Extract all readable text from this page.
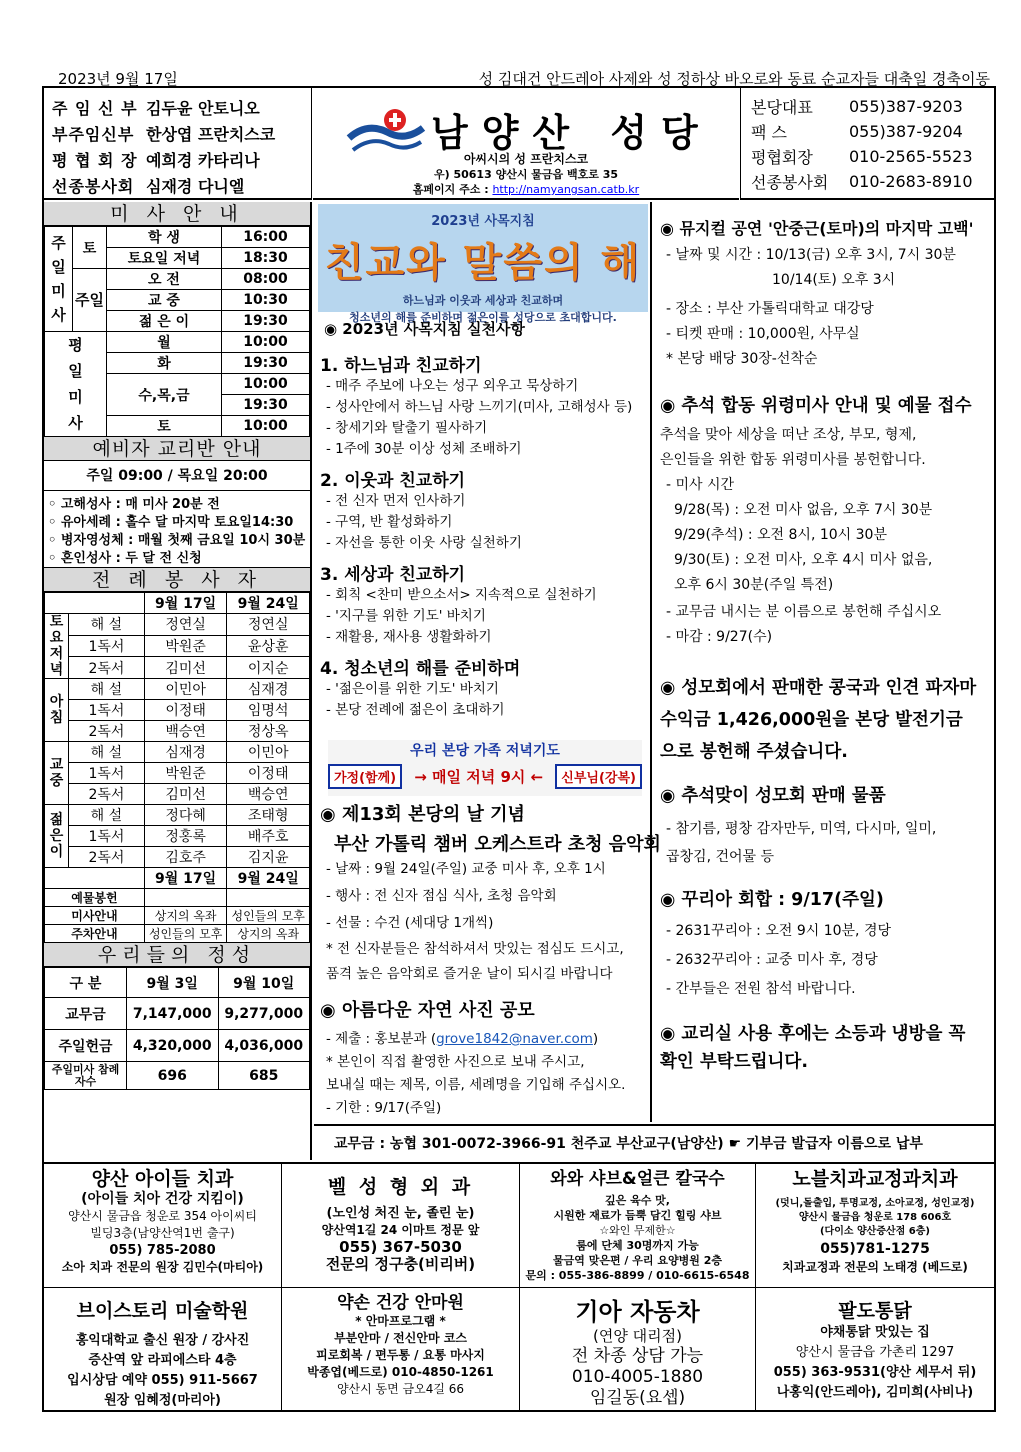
2023년 9월 17일	성 김대건 안드레아 사제와 성 정하상 바오로와 동료 순교자들 대축일 경축이동
주 임 신 부 김두윤 안토니오
부주임신부 한상엽 프란치스코
평 협 회 장 예희경 카타리나
선종봉사회 심재경 다니엘
남양산 성당
아씨시의 성 프란치스코
우) 50613 양산시 물금읍 백호로 35
홈페이지 주소 : http://namyangsan.catb.kr
본당대표	055)387-9203
팩 스	055)387-9204
평협회장	010-2565-5523
선종봉사회	010-2683-8910
미 사 안 내
주일미사	토	학 생	16:00
		토요일 저녁	18:30
	주일	오 전	08:00
		교 중	10:30
		젊 은 이	19:30
평일미사		월	10:00
		화	19:30
		수,목,금	10:00
			19:30
		토	10:00
예비자 교리반 안내
주일 09:00 / 목요일 20:00
◦ 고해성사 : 매 미사 20분 전
◦ 유아세례 : 홀수 달 마지막 토요일14:30
◦ 병자영성체 : 매월 첫째 금요일 10시 30분
◦ 혼인성사 : 두 달 전 신청
전 례 봉 사 자
		9월 17일	9월 24일
토요저녁	해 설	정연실	정연실
	1독서	박원준	윤상훈
	2독서	김미선	이지순
아침	해 설	이민아	심재경
	1독서	이정태	임명석
	2독서	백승연	정상옥
교중	해 설	심재경	이민아
	1독서	박원준	이정태
	2독서	김미선	백승연
젊은이	해 설	정다혜	조태형
	1독서	정홍록	배주호
	2독서	김호주	김지윤
		9월 17일	9월 24일
예물봉헌			
미사안내		상지의 옥좌	성인들의 모후
주차안내		성인들의 모후	상지의 옥좌
우리들의 정성
구 분	9월 3일	9월 10일
교무금	7,147,000	9,277,000
주일헌금	4,320,000	4,036,000
주일미사 참례자수	696	685
2023년 사목지침
친교와 말씀의 해
하느님과 이웃과 세상과 친교하며
청소년의 해를 준비하며 젊은이를 성당으로 초대합니다.
◉ 2023년 사목지침 실천사항
1. 하느님과 친교하기
- 매주 주보에 나오는 성구 외우고 묵상하기
- 성사안에서 하느님 사랑 느끼기(미사, 고해성사 등)
- 창세기와 탈출기 필사하기
- 1주에 30분 이상 성체 조배하기
2. 이웃과 친교하기
- 전 신자 먼저 인사하기
- 구역, 반 활성화하기
- 자선을 통한 이웃 사랑 실천하기
3. 세상과 친교하기
- 회칙 <찬미 받으소서> 지속적으로 실천하기
- '지구를 위한 기도' 바치기
- 재활용, 재사용 생활화하기
4. 청소년의 해를 준비하며
- '젊은이를 위한 기도' 바치기
- 본당 전례에 젊은이 초대하기
우리 본당 가족 저녁기도
가정(함께)	→ 매일 저녁 9시 ←	신부님(강복)
◉ 제13회 본당의 날 기념
부산 가톨릭 챔버 오케스트라 초청 음악회
- 날짜 : 9월 24일(주일) 교중 미사 후, 오후 1시
- 행사 : 전 신자 점심 식사, 초청 음악회
- 선물 : 수건 (세대당 1개씩)
* 전 신자분들은 참석하셔서 맛있는 점심도 드시고,
품격 높은 음악회로 즐거운 날이 되시길 바랍니다
◉ 아름다운 자연 사진 공모
- 제출 : 홍보분과 (grove1842@naver.com)
* 본인이 직접 촬영한 사진으로 보내 주시고,
보내실 때는 제목, 이름, 세례명을 기입해 주십시오.
- 기한 : 9/17(주일)
◉ 뮤지컬 공연 '안중근(토마)의 마지막 고백'
- 날짜 및 시간 : 10/13(금) 오후 3시, 7시 30분
10/14(토) 오후 3시
- 장소 : 부산 가톨릭대학교 대강당
- 티켓 판매 : 10,000원, 사무실
* 본당 배당 30장-선착순
◉ 추석 합동 위령미사 안내 및 예물 접수
추석을 맞아 세상을 떠난 조상, 부모, 형제,
은인들을 위한 합동 위령미사를 봉헌합니다.
- 미사 시간
9/28(목) : 오전 미사 없음, 오후 7시 30분
9/29(추석) : 오전 8시, 10시 30분
9/30(토) : 오전 미사, 오후 4시 미사 없음,
오후 6시 30분(주일 특전)
- 교무금 내시는 분 이름으로 봉헌해 주십시오
- 마감 : 9/27(수)
◉ 성모회에서 판매한 콩국과 인견 파자마
수익금 1,426,000원을 본당 발전기금
으로 봉헌해 주셨습니다.
◉ 추석맞이 성모회 판매 물품
- 참기름, 평창 감자만두, 미역, 다시마, 일미,
곱창김, 건어물 등
◉ 꾸리아 회합 : 9/17(주일)
- 2631꾸리아 : 오전 9시 10분, 경당
- 2632꾸리아 : 교중 미사 후, 경당
- 간부들은 전원 참석 바랍니다.
◉ 교리실 사용 후에는 소등과 냉방을 꼭
확인 부탁드립니다.
교무금 : 농협 301-0072-3966-91 천주교 부산교구(남양산) ☛ 기부금 발급자 이름으로 납부
양산 아이들 치과
(아이들 치아 건강 지킴이)
양산시 물금읍 청운로 354 아이씨티
빌딩3층(남양산역1번 출구)
055) 785-2080
소아 치과 전문의 원장 김민수(마티아)
벨 성 형 외 과
(노인성 처진 눈, 졸린 눈)
양산역1길 24 이마트 정문 앞
055) 367-5030
전문의 정구충(비리버)
와와 샤브&얼큰 칼국수
깊은 육수 맛,
시원한 재료가 듬뿍 담긴 힐링 샤브
☆와인 무제한☆
룸에 단체 30명까지 가능
물금역 맞은편 / 우리 요양병원 2층
문의 : 055-386-8899 / 010-6615-6548
노블치과교정과치과
(덧니,돌출입, 투명교정, 소아교정, 성인교정)
양산시 물금읍 청운로 178 606호
(다이소 양산증산점 6층)
055)781-1275
치과교정과 전문의 노태경 (베드로)
브이스토리 미술학원
홍익대학교 출신 원장 / 강사진
증산역 앞 라피에스타 4층
입시상담 예약 055) 911-5667
원장 임혜정(마리아)
약손 건강 안마원
* 안마프로그램 *
부분안마 / 전신안마 코스
피로회복 / 편두통 / 요통 마사지
박종엽(베드로) 010-4850-1261
양산시 동면 금오4길 66
기아 자동차
(연양 대리점)
전 차종 상담 가능
010-4005-1880
임길동(요셉)
팔도통닭
야채통닭 맛있는 집
양산시 물금읍 가촌리 1297
055) 363-9531(양산 세무서 뒤)
나홍익(안드레아), 김미희(사비나)
